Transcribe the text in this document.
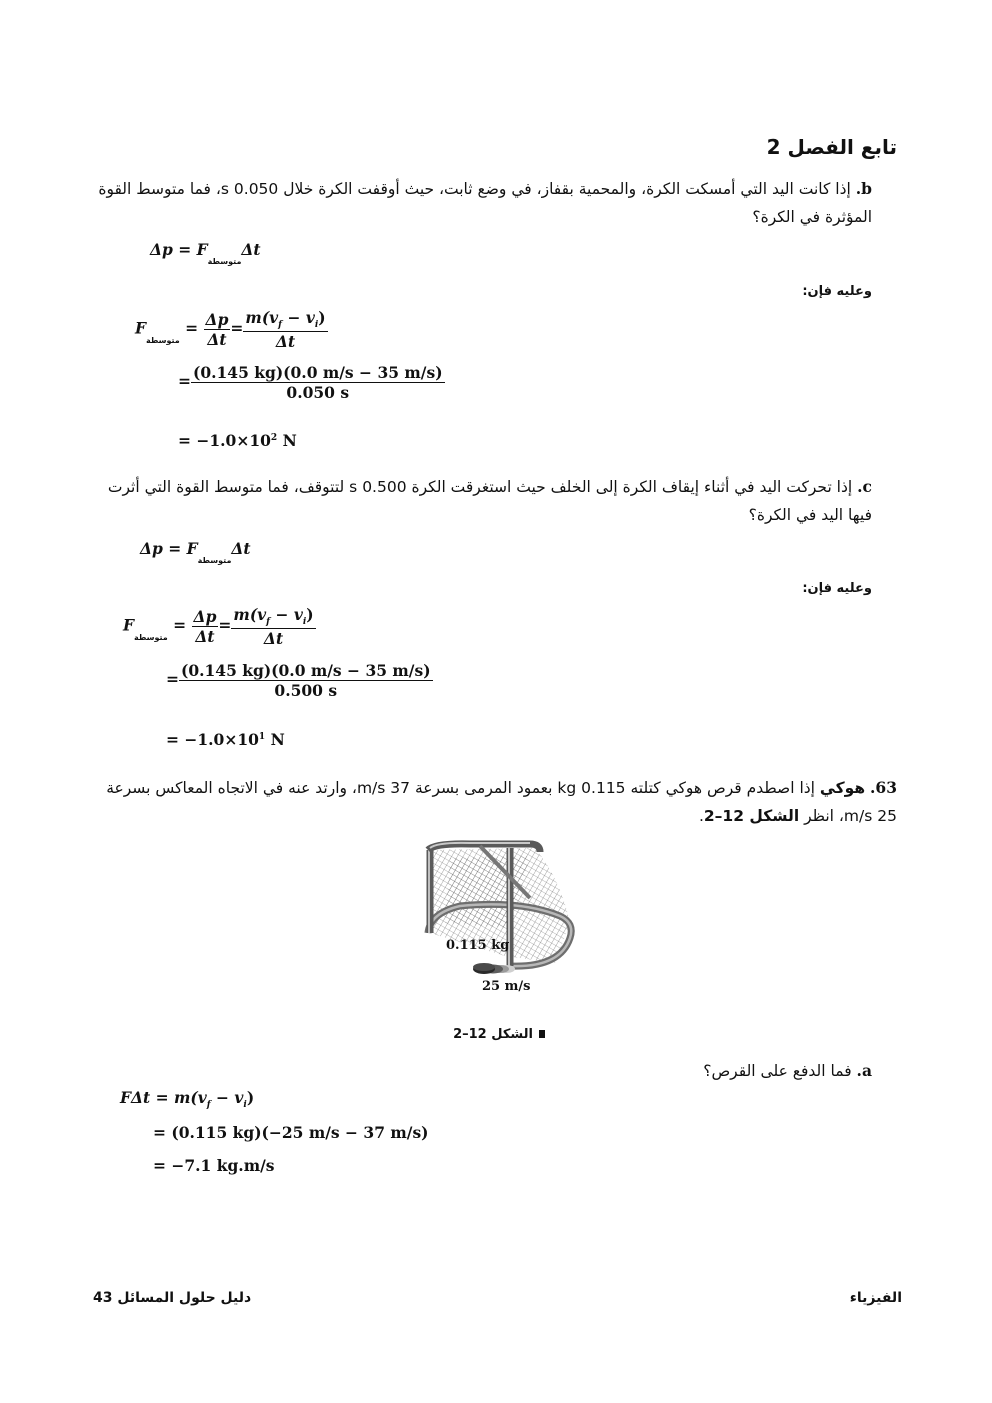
تابع الفصل 2
b. إذا كانت اليد التي أمسكت الكرة، والمحمية بقفاز، في وضع ثابت، حيث أوقفت الكرة خلال 0.050 s، فما متوسط القوة المؤثرة في الكرة؟
$\Delta p = F_{متوسطة}\Delta t$
وعليه فإن:
$F_{متوسطة} = \frac{\Delta p}{\Delta t} = \frac{m(v_f - v_i)}{\Delta t}$
= $\frac{(0.145 kg)(0.0 m/s - 35 m/s)}{0.050 s}$
= $-1.0\times 10^2$ N
c. إذا تحركت اليد في أثناء إيقاف الكرة إلى الخلف حيث استغرقت الكرة 0.500 s لتتوقف، فما متوسط القوة التي أثرت فيها اليد في الكرة؟
$\Delta p = F_{متوسطة}\Delta t$
وعليه فإن:
$F_{متوسطة} = \frac{\Delta p}{\Delta t} = \frac{m(v_f - v_i)}{\Delta t}$
= $\frac{(0.145 kg)(0.0 m/s - 35 m/s)}{0.500 s}$
= $-1.0\times 10^1$ N
63. هوكي إذا اصطدم قرص هوكي كتلته 0.115 kg بعمود المرمى بسرعة 37 m/s، وارتد عنه في الاتجاه المعاكس بسرعة 25 m/s، انظر الشكل 12–2.
0.115 kg
25 m/s
الشكل 12–2
a. فما الدفع على القرص؟
$F\Delta t = m(v_f - v_i)$
= (0.115 kg)(−25 m/s − 37 m/s)
= −7.1 kg.m/s
الفيزياء
دليل حلول المسائل 43
